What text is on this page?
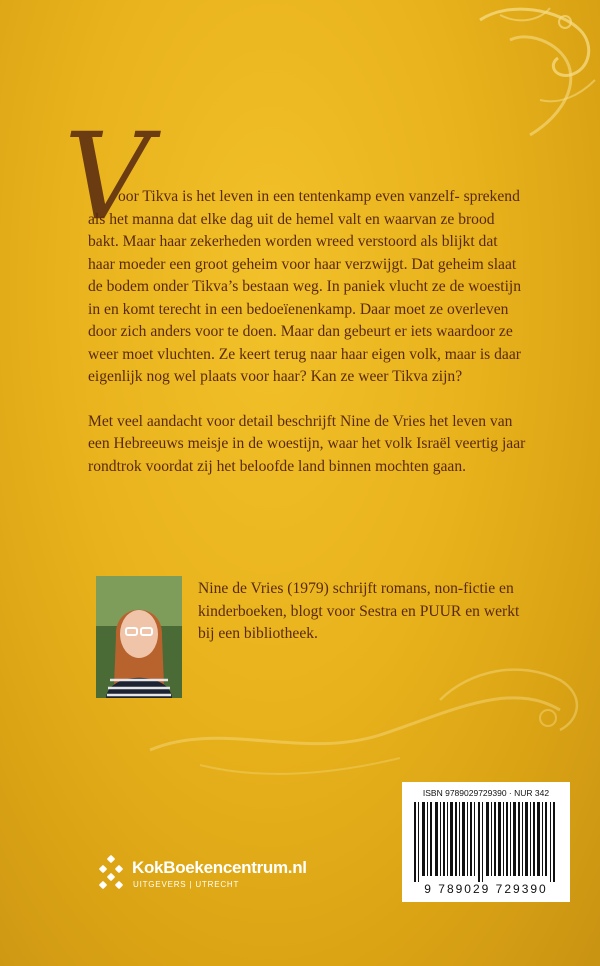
V

oor Tikva is het leven in een tentenkamp even vanzelf- sprekend als het manna dat elke dag uit de hemel valt en waarvan ze brood bakt. Maar haar zekerheden worden wreed verstoord als blijkt dat haar moeder een groot geheim voor haar verzwijgt. Dat geheim slaat de bodem onder Tikva’s bestaan weg. In paniek vlucht ze de woestijn in en komt terecht in een bedoeïenenkamp. Daar moet ze overleven door zich anders voor te doen. Maar dan gebeurt er iets waardoor ze weer moet vluchten. Ze keert terug naar haar eigen volk, maar is daar eigenlijk nog wel plaats voor haar? Kan ze weer Tikva zijn?

Met veel aandacht voor detail beschrijft Nine de Vries het leven van een Hebreeuws meisje in de woestijn, waar het volk Israël veertig jaar rondtrok voordat zij het beloofde land binnen mochten gaan.

Nine de Vries (1979) schrijft romans, non-fictie en kinderboeken, blogt voor Sestra en PUUR en werkt bij een bibliotheek.
ISBN 9789029729390 · NUR 342
9 789029 729390
KokBoekencentrum.nl
UITGEVERS | UTRECHT
